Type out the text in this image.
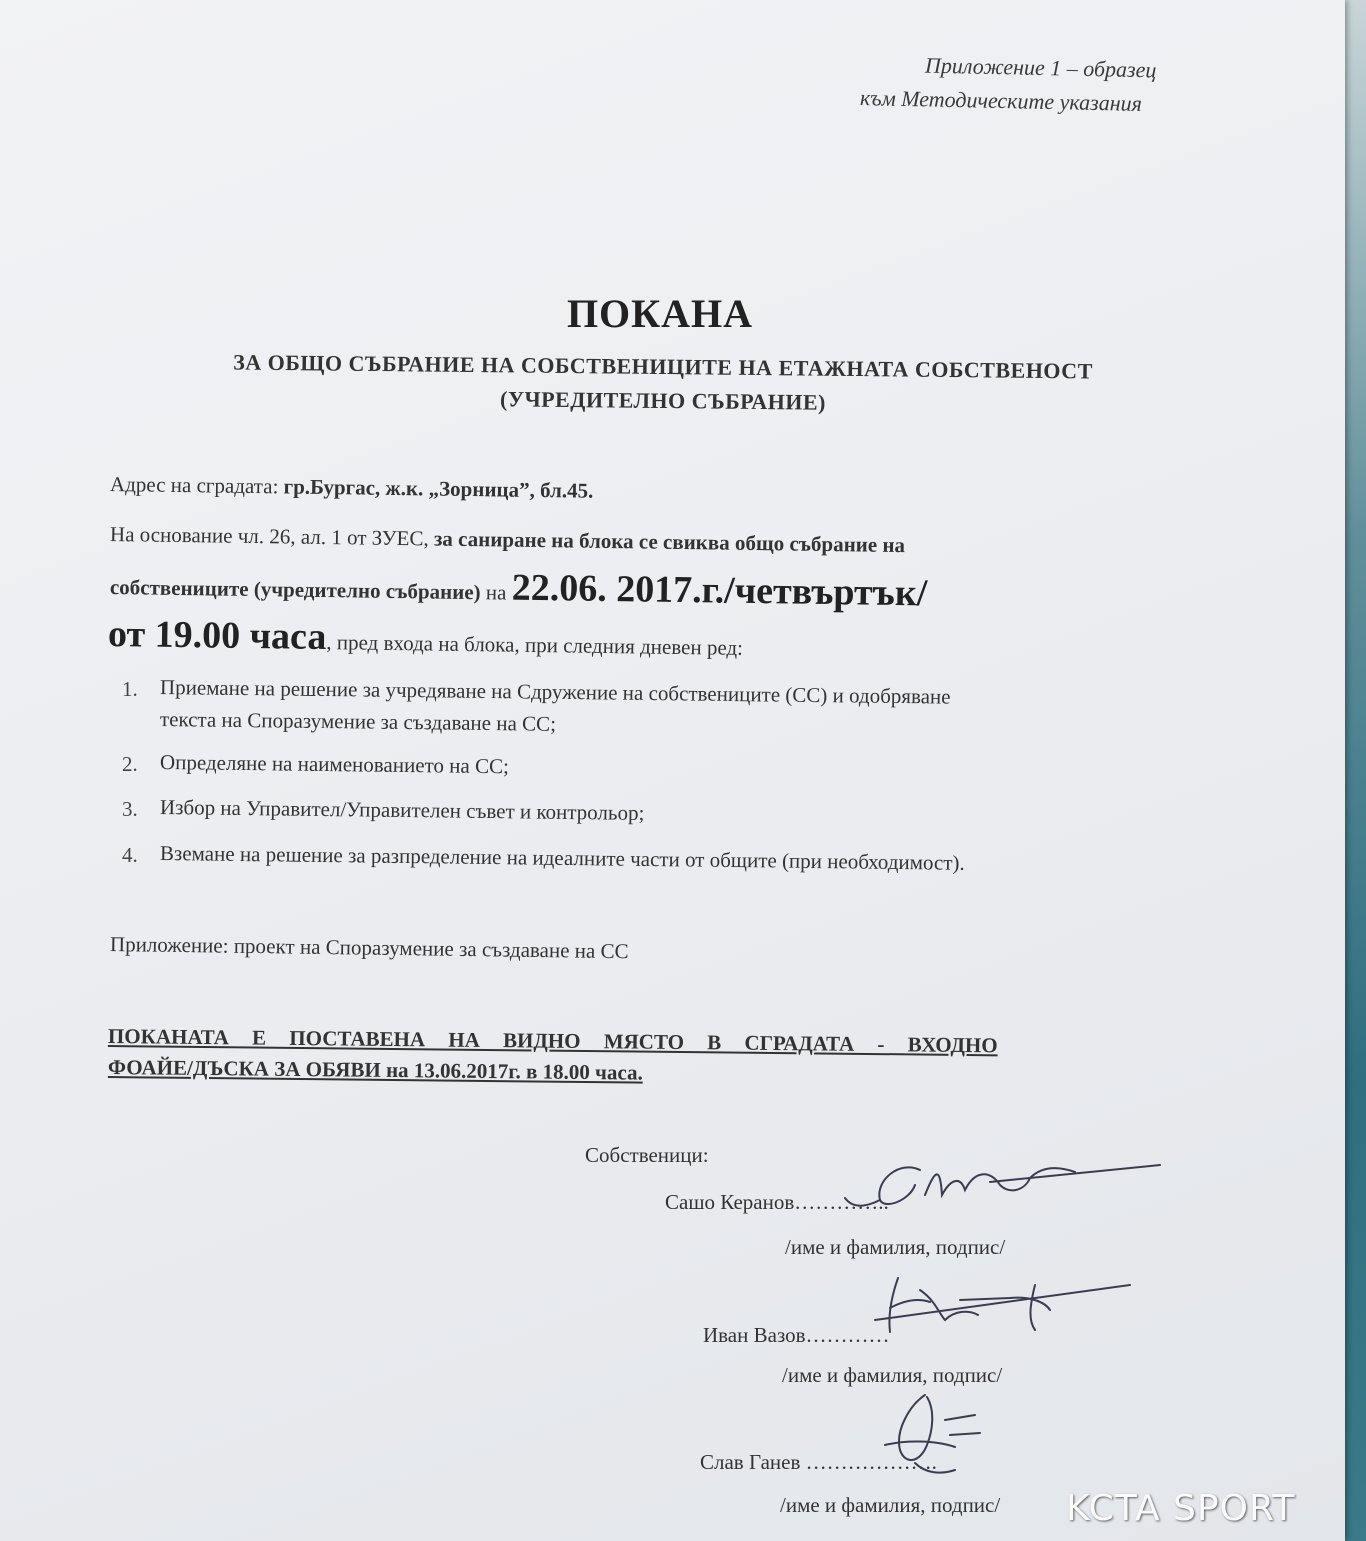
Приложение 1 – образец
към Методическите указания
ПОКАНА
ЗА ОБЩО СЪБРАНИЕ НА СОБСТВЕНИЦИТЕ НА ЕТАЖНАТА СОБСТВЕНОСТ
(УЧРЕДИТЕЛНО СЪБРАНИЕ)
Адрес на сградата: гр.Бургас, ж.к. „Зорница”, бл.45.
На основание чл. 26, ал. 1 от ЗУЕС, за саниране на блока се свиква общо събрание на
собствениците (учредително събрание) на 22.06. 2017.г./четвъртък/
от 19.00 часа, пред входа на блока, при следния дневен ред:
1. Приемане на решение за учредяване на Сдружение на собствениците (СС) и одобряване
текста на Споразумение за създаване на СС;
2. Определяне на наименованието на СС;
3. Избор на Управител/Управителен съвет и контрольор;
4. Вземане на решение за разпределение на идеалните части от общите (при необходимост).
Приложение: проект на Споразумение за създаване на СС
ПОКАНАТА Е ПОСТАВЕНА НА ВИДНО МЯСТО В СГРАДАТА - ВХОДНО
ФОАЙЕ/ДЪСКА ЗА ОБЯВИ на 13.06.2017г. в 18.00 часа.
Собственици:
Сашо Керанов…………..
/име и фамилия, подпис/
Иван Вазов…………
/име и фамилия, подпис/
Слав Ганев ……………….
/име и фамилия, подпис/ KCTA SPORT
